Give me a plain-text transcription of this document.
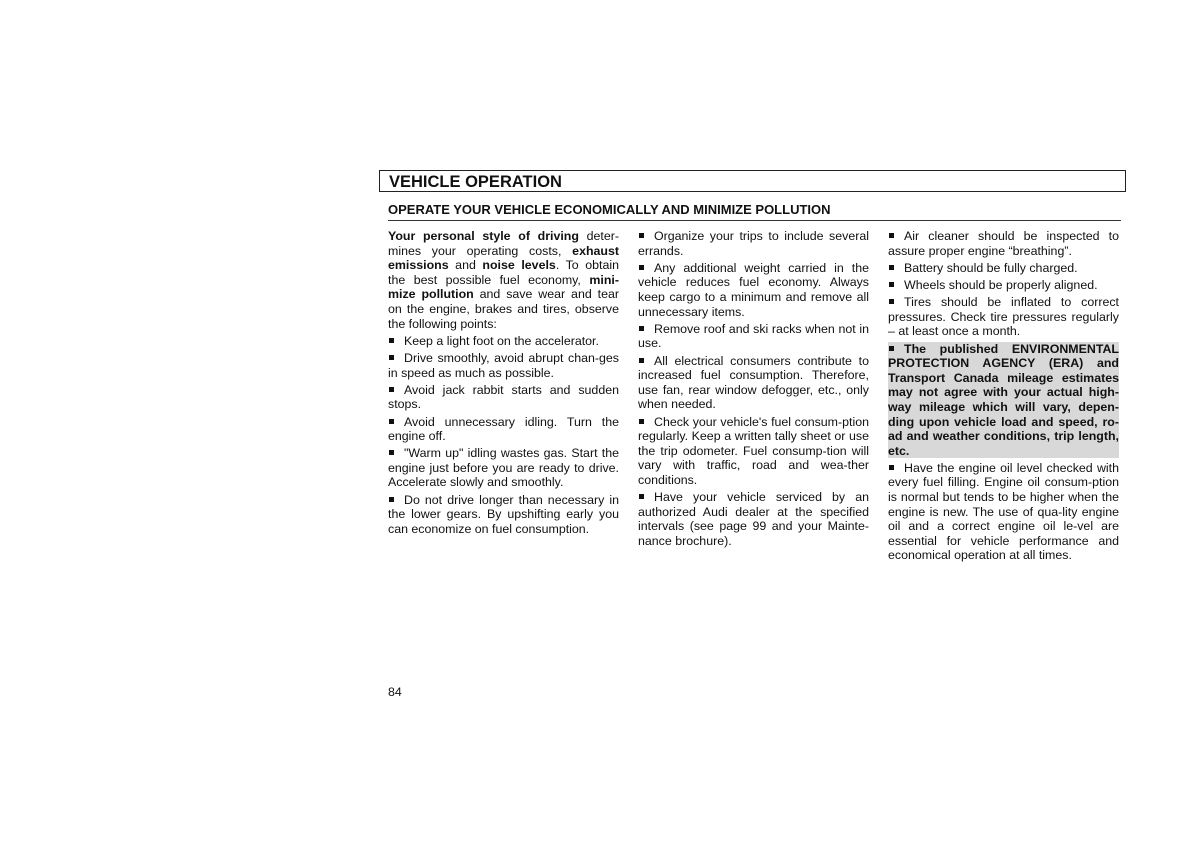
VEHICLE OPERATION
OPERATE YOUR VEHICLE ECONOMICALLY AND MINIMIZE POLLUTION

Your personal style of driving deter-mines your operating costs, exhaust emissions and noise levels. To obtain the best possible fuel economy, mini-mize pollution and save wear and tear on the engine, brakes and tires, observe the following points:

Keep a light foot on the accelerator.

Drive smoothly, avoid abrupt chan-ges in speed as much as possible.

Avoid jack rabbit starts and sudden stops.

Avoid unnecessary idling. Turn the engine off.

"Warm up" idling wastes gas. Start the engine just before you are ready to drive. Accelerate slowly and smoothly.

Do not drive longer than necessary in the lower gears. By upshifting early you can economize on fuel consumption.

Organize your trips to include several errands.

Any additional weight carried in the vehicle reduces fuel economy. Always keep cargo to a minimum and remove all unnecessary items.

Remove roof and ski racks when not in use.

All electrical consumers contribute to increased fuel consumption. Therefore, use fan, rear window defogger, etc., only when needed.

Check your vehicle's fuel consum-ption regularly. Keep a written tally sheet or use the trip odometer. Fuel consump-tion will vary with traffic, road and wea-ther conditions.

Have your vehicle serviced by an authorized Audi dealer at the specified intervals (see page 99 and your Mainte-nance brochure).

Air cleaner should be inspected to assure proper engine “breathing”.

Battery should be fully charged.

Wheels should be properly aligned.

Tires should be inflated to correct pressures. Check tire pressures regularly – at least once a month.

The published ENVIRONMENTAL PROTECTION AGENCY (ERA) and Transport Canada mileage estimates may not agree with your actual high-way mileage which will vary, depen-ding upon vehicle load and speed, ro-ad and weather conditions, trip length, etc.

Have the engine oil level checked with every fuel filling. Engine oil consum-ption is normal but tends to be higher when the engine is new. The use of qua-lity engine oil and a correct engine oil le-vel are essential for vehicle performance and economical operation at all times.

84
